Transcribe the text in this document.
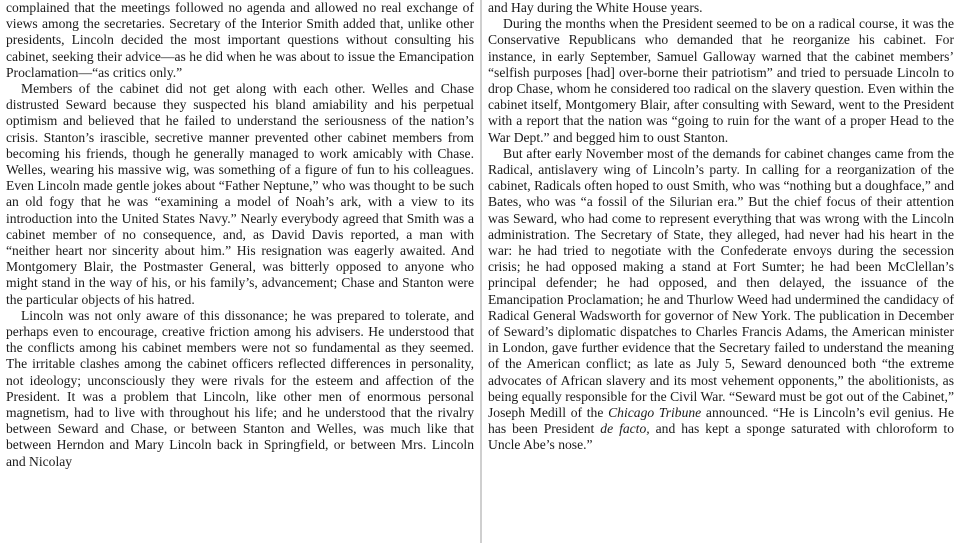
complained that the meetings followed no agenda and allowed no real exchange of views among the secretaries. Secretary of the Interior Smith added that, unlike other presidents, Lincoln decided the most important questions without consulting his cabinet, seeking their advice—as he did when he was about to issue the Emancipation Proclamation—“as critics only.”

Members of the cabinet did not get along with each other. Welles and Chase distrusted Seward because they suspected his bland amiability and his perpetual optimism and believed that he failed to understand the seriousness of the nation’s crisis. Stanton’s irascible, secretive manner prevented other cabinet members from becoming his friends, though he generally managed to work amicably with Chase. Welles, wearing his massive wig, was something of a figure of fun to his colleagues. Even Lincoln made gentle jokes about “Father Neptune,” who was thought to be such an old fogy that he was “examining a model of Noah’s ark, with a view to its introduction into the United States Navy.” Nearly everybody agreed that Smith was a cabinet member of no consequence, and, as David Davis reported, a man with “neither heart nor sincerity about him.” His resignation was eagerly awaited. And Montgomery Blair, the Postmaster General, was bitterly opposed to anyone who might stand in the way of his, or his family’s, advancement; Chase and Stanton were the particular objects of his hatred.

Lincoln was not only aware of this dissonance; he was prepared to tolerate, and perhaps even to encourage, creative friction among his advisers. He understood that the conflicts among his cabinet members were not so fundamental as they seemed. The irritable clashes among the cabinet officers reflected differences in personality, not ideology; unconsciously they were rivals for the esteem and affection of the President. It was a problem that Lincoln, like other men of enormous personal magnetism, had to live with throughout his life; and he understood that the rivalry between Seward and Chase, or between Stanton and Welles, was much like that between Herndon and Mary Lincoln back in Springfield, or between Mrs. Lincoln and Nicolay

and Hay during the White House years.

During the months when the President seemed to be on a radical course, it was the Conservative Republicans who demanded that he reorganize his cabinet. For instance, in early September, Samuel Galloway warned that the cabinet members’ “selfish purposes [had] over-borne their patriotism” and tried to persuade Lincoln to drop Chase, whom he considered too radical on the slavery question. Even within the cabinet itself, Montgomery Blair, after consulting with Seward, went to the President with a report that the nation was “going to ruin for the want of a proper Head to the War Dept.” and begged him to oust Stanton.

But after early November most of the demands for cabinet changes came from the Radical, antislavery wing of Lincoln’s party. In calling for a reorganization of the cabinet, Radicals often hoped to oust Smith, who was “nothing but a doughface,” and Bates, who was “a fossil of the Silurian era.” But the chief focus of their attention was Seward, who had come to represent everything that was wrong with the Lincoln administration. The Secretary of State, they alleged, had never had his heart in the war: he had tried to negotiate with the Confederate envoys during the secession crisis; he had opposed making a stand at Fort Sumter; he had been McClellan’s principal defender; he had opposed, and then delayed, the issuance of the Emancipation Proclamation; he and Thurlow Weed had undermined the candidacy of Radical General Wadsworth for governor of New York. The publication in December of Seward’s diplomatic dispatches to Charles Francis Adams, the American minister in London, gave further evidence that the Secretary failed to understand the meaning of the American conflict; as late as July 5, Seward denounced both “the extreme advocates of African slavery and its most vehement opponents,” the abolitionists, as being equally responsible for the Civil War. “Seward must be got out of the Cabinet,” Joseph Medill of the Chicago Tribune announced. “He is Lincoln’s evil genius. He has been President de facto, and has kept a sponge saturated with chloroform to Uncle Abe’s nose.”
